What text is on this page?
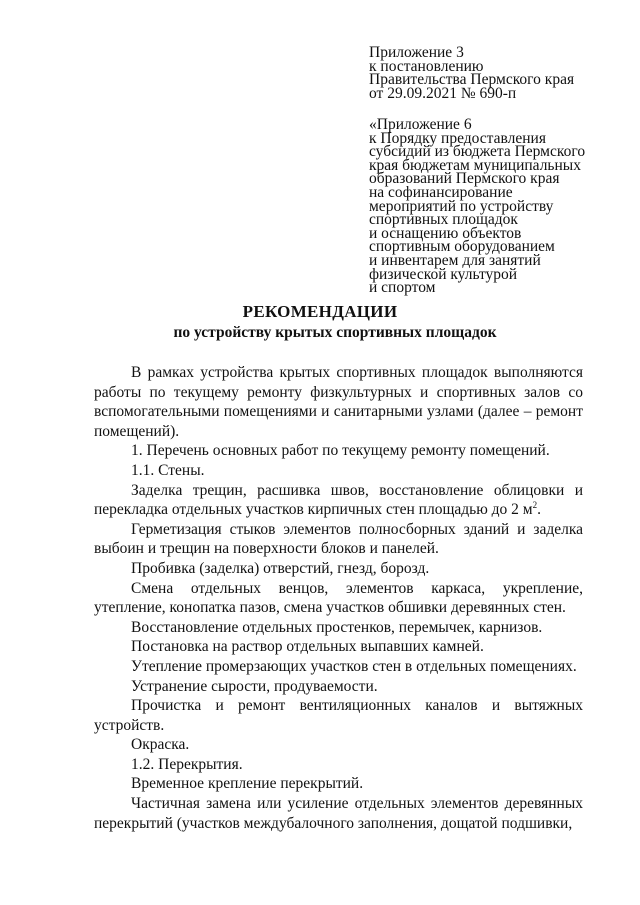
Приложение 3
к постановлению
Правительства Пермского края
от 29.09.2021 № 690-п
«Приложение 6
к Порядку предоставления
субсидий из бюджета Пермского
края бюджетам муниципальных
образований Пермского края
на софинансирование
мероприятий по устройству
спортивных площадок
и оснащению объектов
спортивным оборудованием
и инвентарем для занятий
физической культурой
и спортом
РЕКОМЕНДАЦИИ
по устройству крытых спортивных площадок

В рамках устройства крытых спортивных площадок выполняются работы по текущему ремонту физкультурных и спортивных залов со вспомогательными помещениями и санитарными узлами (далее – ремонт помещений).

1. Перечень основных работ по текущему ремонту помещений.

1.1. Стены.

Заделка трещин, расшивка швов, восстановление облицовки и перекладка отдельных участков кирпичных стен площадью до 2 $м^2$.

Герметизация стыков элементов полносборных зданий и заделка выбоин и трещин на поверхности блоков и панелей.

Пробивка (заделка) отверстий, гнезд, борозд.

Смена отдельных венцов, элементов каркаса, укрепление, утепление, конопатка пазов, смена участков обшивки деревянных стен.

Восстановление отдельных простенков, перемычек, карнизов.

Постановка на раствор отдельных выпавших камней.

Утепление промерзающих участков стен в отдельных помещениях.

Устранение сырости, продуваемости.

Прочистка и ремонт вентиляционных каналов и вытяжных устройств.

Окраска.

1.2. Перекрытия.

Временное крепление перекрытий.

Частичная замена или усиление отдельных элементов деревянных перекрытий (участков междубалочного заполнения, дощатой подшивки,
